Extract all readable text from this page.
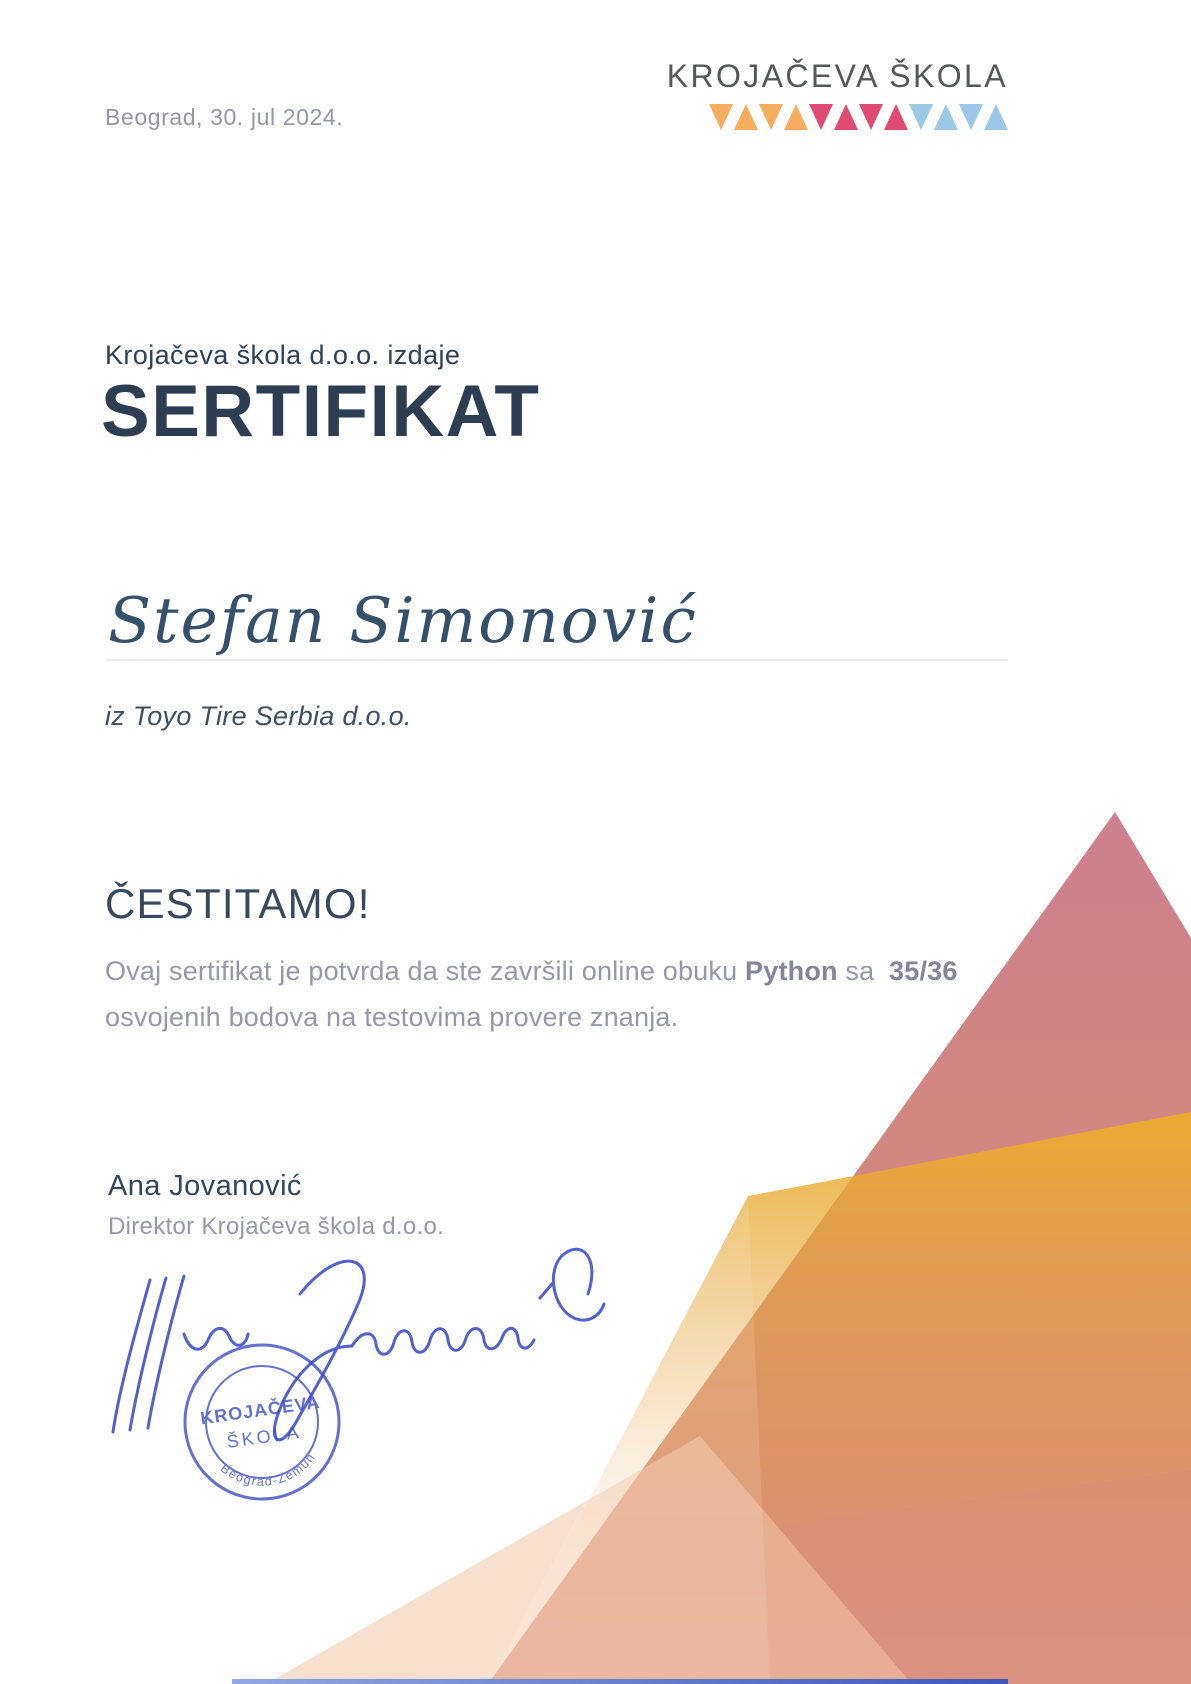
Beograd, 30. jul 2024.
KROJAČEVA ŠKOLA
Krojačeva škola d.o.o. izdaje
SERTIFIKAT
Stefan Simonović
iz Toyo Tire Serbia d.o.o.
ČESTITAMO!
Ovaj sertifikat je potvrda da ste završili online obuku Python sa 35/36
osvojenih bodova na testovima provere znanja.
Ana Jovanović
Direktor Krojačeva škola d.o.o.
KROJAČEVA
ŠKOLA
Beograd-Zemun
